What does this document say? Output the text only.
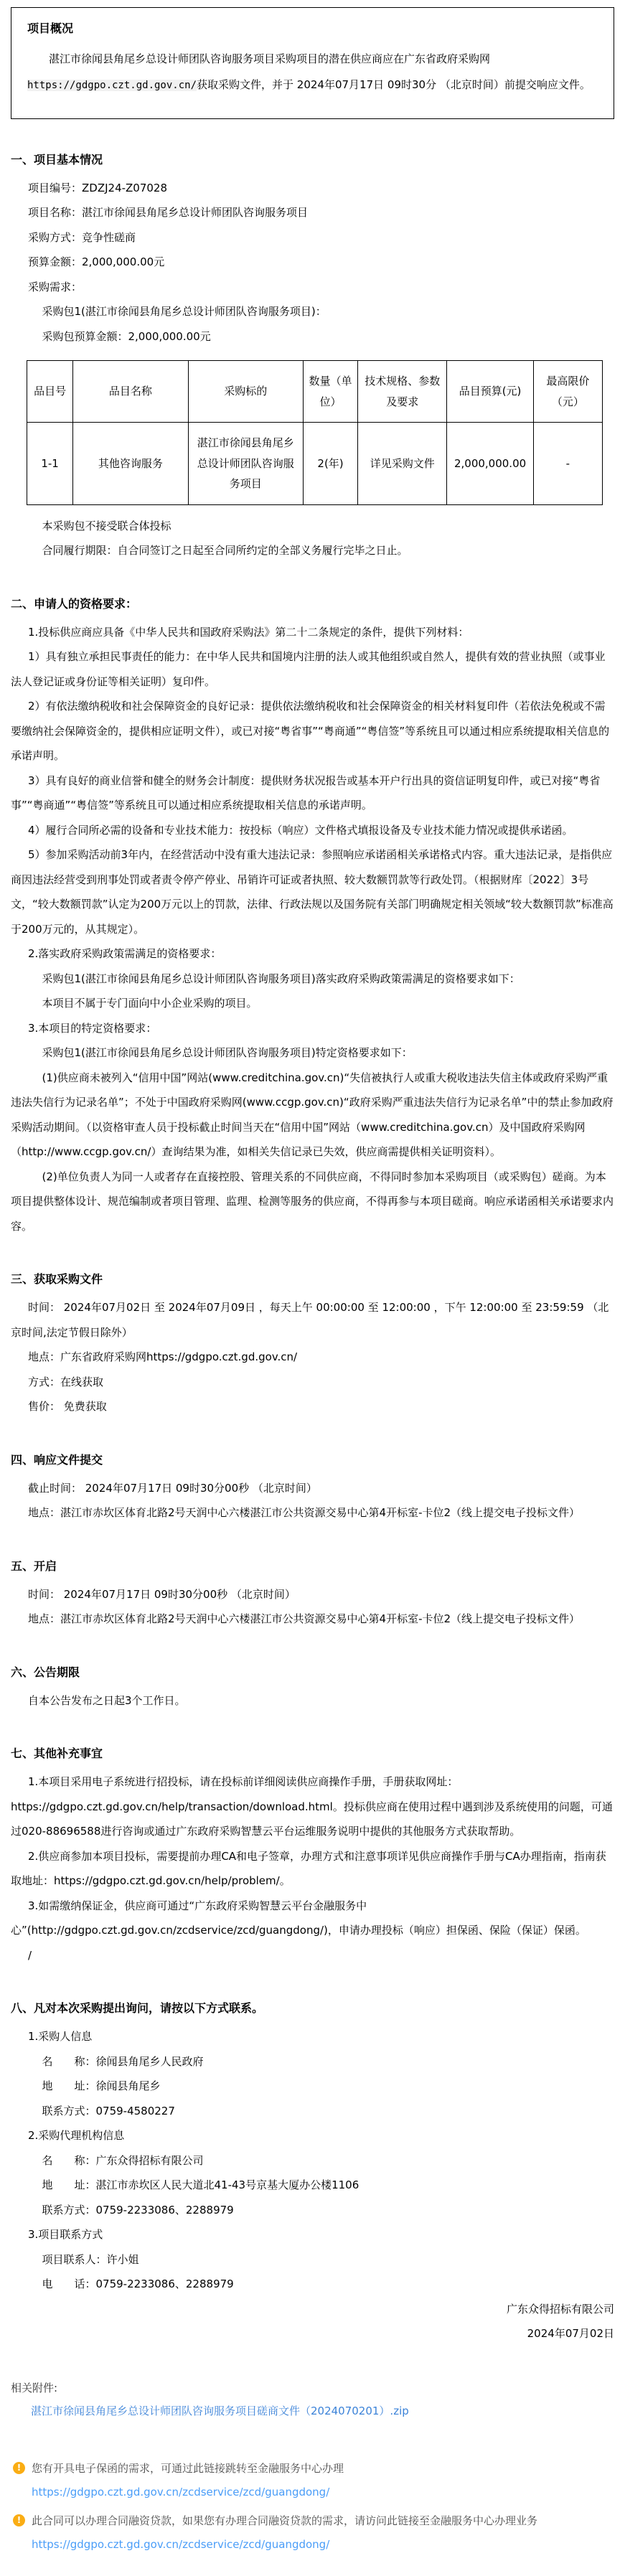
项目概况

湛江市徐闻县角尾乡总设计师团队咨询服务项目采购项目的潜在供应商应在广东省政府采购网https://gdgpo.czt.gd.gov.cn/获取采购文件，并于 2024年07月17日 09时30分 （北京时间）前提交响应文件。

一、项目基本情况

项目编号：ZDZJ24-Z07028

项目名称：湛江市徐闻县角尾乡总设计师团队咨询服务项目

采购方式：竞争性磋商

预算金额：2,000,000.00元

采购需求：

采购包1(湛江市徐闻县角尾乡总设计师团队咨询服务项目)：

采购包预算金额：2,000,000.00元

品目号	品目名称	采购标的	数量（单位）	技术规格、参数及要求	品目预算(元)	最高限价（元）
1-1	其他咨询服务	湛江市徐闻县角尾乡总设计师团队咨询服务项目	2(年)	详见采购文件	2,000,000.00	-

本采购包不接受联合体投标

合同履行期限：自合同签订之日起至合同所约定的全部义务履行完毕之日止。

二、申请人的资格要求：

1.投标供应商应具备《中华人民共和国政府采购法》第二十二条规定的条件，提供下列材料：

1）具有独立承担民事责任的能力：在中华人民共和国境内注册的法人或其他组织或自然人，提供有效的营业执照（或事业法人登记证或身份证等相关证明）复印件。

2）有依法缴纳税收和社会保障资金的良好记录：提供依法缴纳税收和社会保障资金的相关材料复印件（若依法免税或不需要缴纳社会保障资金的，提供相应证明文件），或已对接“粤省事”“粤商通”“粤信签”等系统且可以通过相应系统提取相关信息的承诺声明。

3）具有良好的商业信誉和健全的财务会计制度：提供财务状况报告或基本开户行出具的资信证明复印件，或已对接“粤省事”“粤商通”“粤信签”等系统且可以通过相应系统提取相关信息的承诺声明。

4）履行合同所必需的设备和专业技术能力：按投标（响应）文件格式填报设备及专业技术能力情况或提供承诺函。

5）参加采购活动前3年内，在经营活动中没有重大违法记录：参照响应承诺函相关承诺格式内容。重大违法记录，是指供应商因违法经营受到刑事处罚或者责令停产停业、吊销许可证或者执照、较大数额罚款等行政处罚。（根据财库〔2022〕3号文，“较大数额罚款”认定为200万元以上的罚款，法律、行政法规以及国务院有关部门明确规定相关领域“较大数额罚款”标准高于200万元的，从其规定）。

2.落实政府采购政策需满足的资格要求：

采购包1(湛江市徐闻县角尾乡总设计师团队咨询服务项目)落实政府采购政策需满足的资格要求如下：

本项目不属于专门面向中小企业采购的项目。

3.本项目的特定资格要求：

采购包1(湛江市徐闻县角尾乡总设计师团队咨询服务项目)特定资格要求如下：

(1)供应商未被列入“信用中国”网站(www.creditchina.gov.cn)“失信被执行人或重大税收违法失信主体或政府采购严重违法失信行为记录名单”；不处于中国政府采购网(www.ccgp.gov.cn)“政府采购严重违法失信行为记录名单”中的禁止参加政府采购活动期间。（以资格审查人员于投标截止时间当天在“信用中国”网站（www.creditchina.gov.cn）及中国政府采购网 （http://www.ccgp.gov.cn/）查询结果为准，如相关失信记录已失效，供应商需提供相关证明资料）。

(2)单位负责人为同一人或者存在直接控股、管理关系的不同供应商，不得同时参加本采购项目（或采购包）磋商。为本项目提供整体设计、规范编制或者项目管理、监理、检测等服务的供应商，不得再参与本项目磋商。响应承诺函相关承诺要求内容。

三、获取采购文件

时间： 2024年07月02日 至 2024年07月09日 ，每天上午 00:00:00 至 12:00:00 ，下午 12:00:00 至 23:59:59 （北京时间,法定节假日除外）

地点：广东省政府采购网https://gdgpo.czt.gd.gov.cn/

方式：在线获取

售价： 免费获取

四、响应文件提交

截止时间： 2024年07月17日 09时30分00秒 （北京时间）

地点：湛江市赤坎区体育北路2号天润中心六楼湛江市公共资源交易中心第4开标室-卡位2（线上提交电子投标文件）

五、开启

时间： 2024年07月17日 09时30分00秒 （北京时间）

地点：湛江市赤坎区体育北路2号天润中心六楼湛江市公共资源交易中心第4开标室-卡位2（线上提交电子投标文件）

六、公告期限

自本公告发布之日起3个工作日。

七、其他补充事宜

1.本项目采用电子系统进行招投标，请在投标前详细阅读供应商操作手册，手册获取网址：https://gdgpo.czt.gd.gov.cn/help/transaction/download.html。投标供应商在使用过程中遇到涉及系统使用的问题，可通过020-88696588进行咨询或通过广东政府采购智慧云平台运维服务说明中提供的其他服务方式获取帮助。

2.供应商参加本项目投标，需要提前办理CA和电子签章，办理方式和注意事项详见供应商操作手册与CA办理指南，指南获取地址：https://gdgpo.czt.gd.gov.cn/help/problem/。

3.如需缴纳保证金，供应商可通过“广东政府采购智慧云平台金融服务中心”(http://gdgpo.czt.gd.gov.cn/zcdservice/zcd/guangdong/)，申请办理投标（响应）担保函、保险（保证）保函。

/

八、凡对本次采购提出询问，请按以下方式联系。

1.采购人信息

名　　称：徐闻县角尾乡人民政府

地　　址：徐闻县角尾乡

联系方式：0759-4580227

2.采购代理机构信息

名　　称：广东众得招标有限公司

地　　址：湛江市赤坎区人民大道北41-43号京基大厦办公楼1106

联系方式：0759-2233086、2288979

3.项目联系方式

项目联系人：许小姐

电　　话：0759-2233086、2288979

广东众得招标有限公司

2024年07月02日

相关附件:

湛江市徐闻县角尾乡总设计师团队咨询服务项目磋商文件（2024070201）.zip
! 您有开具电子保函的需求，可通过此链接跳转至金融服务中心办理

https://gdgpo.czt.gd.gov.cn/zcdservice/zcd/guangdong/
! 此合同可以办理合同融资贷款，如果您有办理合同融资贷款的需求，请访问此链接至金融服务中心办理业务

https://gdgpo.czt.gd.gov.cn/zcdservice/zcd/guangdong/
